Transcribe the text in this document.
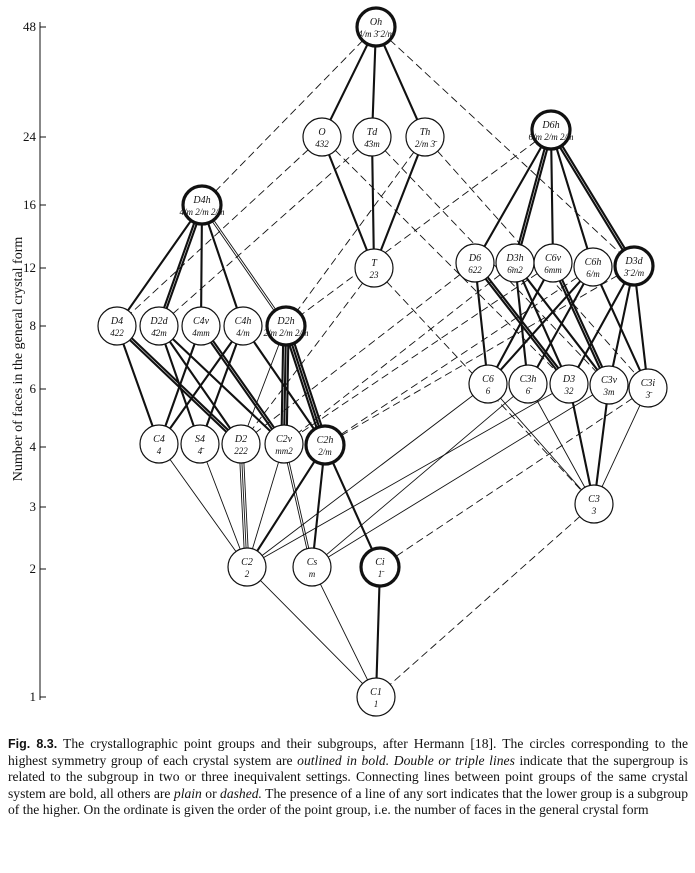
Number of faces in the general crystal form
48
24
16
12
8
6
4
3
2
1
Oh
4/m 3̄ 2/m
O
432
Td
4̄3m
Th
2/m 3̄
D6h
6/m 2/m 2/m
D4h
4/m 2/m 2/m
T
23
D6
622
D3h
6̄m2
C6v
6mm
C6h
6/m
D3d
3̄ 2/m
D4
422
D2d
4̄2m
C4v
4mm
C4h
4/m
D2h
2/m 2/m 2/m
C6
6
C3h
6̄
D3
32
C3v
3m
C3i
3̄
C4
4
S4
4̄
D2
222
C2v
mm2
C2h
2/m
C3
3
C2
2
Cs
m
Ci
1̄
C1
1

Fig. 8.3. The crystallographic point groups and their subgroups, after Hermann [18]. The circles corresponding to the highest symmetry group of each crystal system are outlined in bold. Double or triple lines indicate that the supergroup is related to the subgroup in two or three inequivalent settings. Connecting lines between point groups of the same crystal system are bold, all others are plain or dashed. The presence of a line of any sort indicates that the lower group is a subgroup of the higher. On the ordinate is given the order of the point group, i.e. the number of faces in the general crystal form
